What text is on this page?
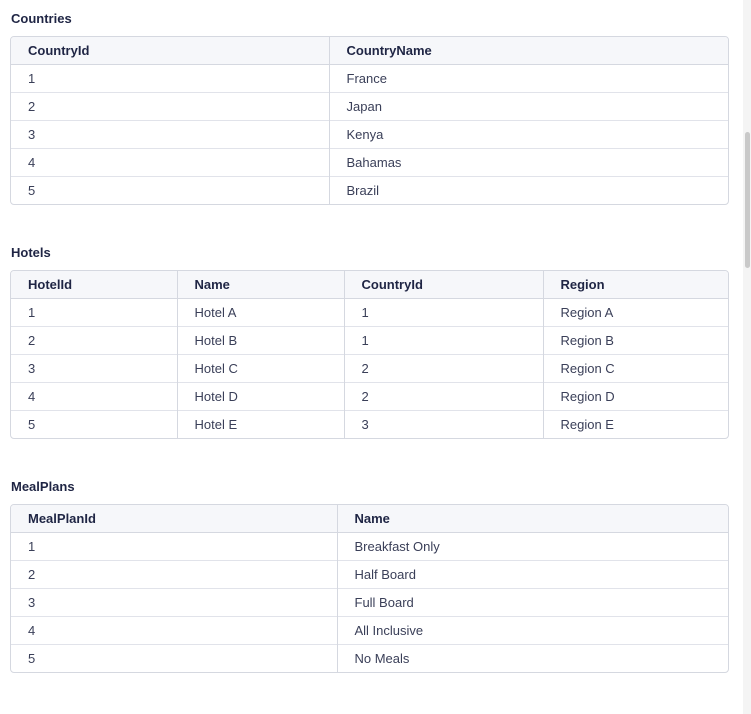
Countries
CountryId	CountryName
1	France
2	Japan
3	Kenya
4	Bahamas
5	Brazil
Hotels
HotelId	Name	CountryId	Region
1	Hotel A	1	Region A
2	Hotel B	1	Region B
3	Hotel C	2	Region C
4	Hotel D	2	Region D
5	Hotel E	3	Region E
MealPlans
MealPlanId	Name
1	Breakfast Only
2	Half Board
3	Full Board
4	All Inclusive
5	No Meals
